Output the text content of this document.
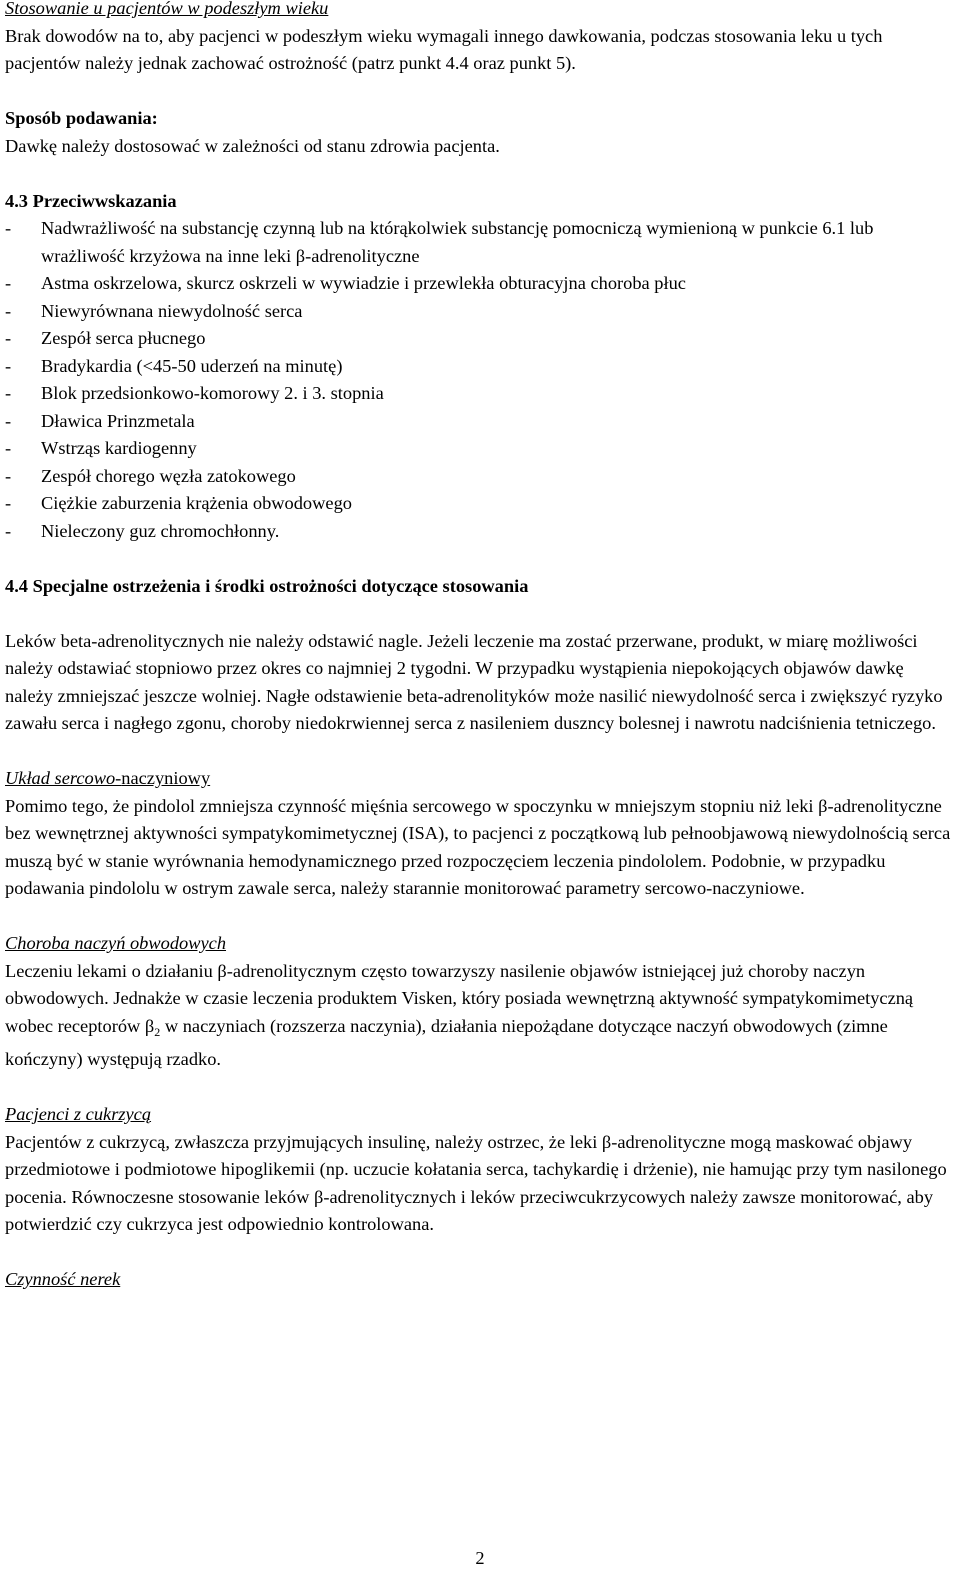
Stosowanie u pacjentów w podeszłym wieku

Brak dowodów na to, aby pacjenci w podeszłym wieku wymagali innego dawkowania, podczas stosowania leku u tych pacjentów należy jednak zachować ostrożność (patrz punkt 4.4 oraz punkt 5).

Sposób podawania:

Dawkę należy dostosować w zależności od stanu zdrowia pacjenta.

4.3 Przeciwwskazania

- Nadwrażliwość na substancję czynną lub na którąkolwiek substancję pomocniczą wymienioną w punkcie 6.1 lub wrażliwość krzyżowa na inne leki β-adrenolityczne
- Astma oskrzelowa, skurcz oskrzeli w wywiadzie i przewlekła obturacyjna choroba płuc
- Niewyrównana niewydolność serca
- Zespół serca płucnego
- Bradykardia (<45-50 uderzeń na minutę)
- Blok przedsionkowo-komorowy 2. i 3. stopnia
- Dławica Prinzmetala
- Wstrząs kardiogenny
- Zespół chorego węzła zatokowego
- Ciężkie zaburzenia krążenia obwodowego
- Nieleczony guz chromochłonny.

4.4 Specjalne ostrzeżenia i środki ostrożności dotyczące stosowania

Leków beta-adrenolitycznych nie należy odstawić nagle. Jeżeli leczenie ma zostać przerwane, produkt, w miarę możliwości należy odstawiać stopniowo przez okres co najmniej 2 tygodni. W przypadku wystąpienia niepokojących objawów dawkę należy zmniejszać jeszcze wolniej. Nagłe odstawienie beta-adrenolityków może nasilić niewydolność serca i zwiększyć ryzyko zawału serca i nagłego zgonu, choroby niedokrwiennej serca z nasileniem duszncy bolesnej i nawrotu nadciśnienia tetniczego.

Układ sercowo-naczyniowy

Pomimo tego, że pindolol zmniejsza czynność mięśnia sercowego w spoczynku w mniejszym stopniu niż leki β-adrenolityczne bez wewnętrznej aktywności sympatykomimetycznej (ISA), to pacjenci z początkową lub pełnoobjawową niewydolnością serca muszą być w stanie wyrównania hemodynamicznego przed rozpoczęciem leczenia pindololem. Podobnie, w przypadku podawania pindololu w ostrym zawale serca, należy starannie monitorować parametry sercowo-naczyniowe.

Choroba naczyń obwodowych

Leczeniu lekami o działaniu β-adrenolitycznym często towarzyszy nasilenie objawów istniejącej już choroby naczyn obwodowych. Jednakże w czasie leczenia produktem Visken, który posiada wewnętrzną aktywność sympatykomimetyczną wobec receptorów $\beta_2$ w naczyniach (rozszerza naczynia), działania niepożądane dotyczące naczyń obwodowych (zimne kończyny) występują rzadko.

Pacjenci z cukrzycą

Pacjentów z cukrzycą, zwłaszcza przyjmujących insulinę, należy ostrzec, że leki β-adrenolityczne mogą maskować objawy przedmiotowe i podmiotowe hipoglikemii (np. uczucie kołatania serca, tachykardię i drżenie), nie hamując przy tym nasilonego pocenia. Równoczesne stosowanie leków β-adrenolitycznych i leków przeciwcukrzycowych należy zawsze monitorować, aby potwierdzić czy cukrzyca jest odpowiednio kontrolowana.

Czynność nerek

2
